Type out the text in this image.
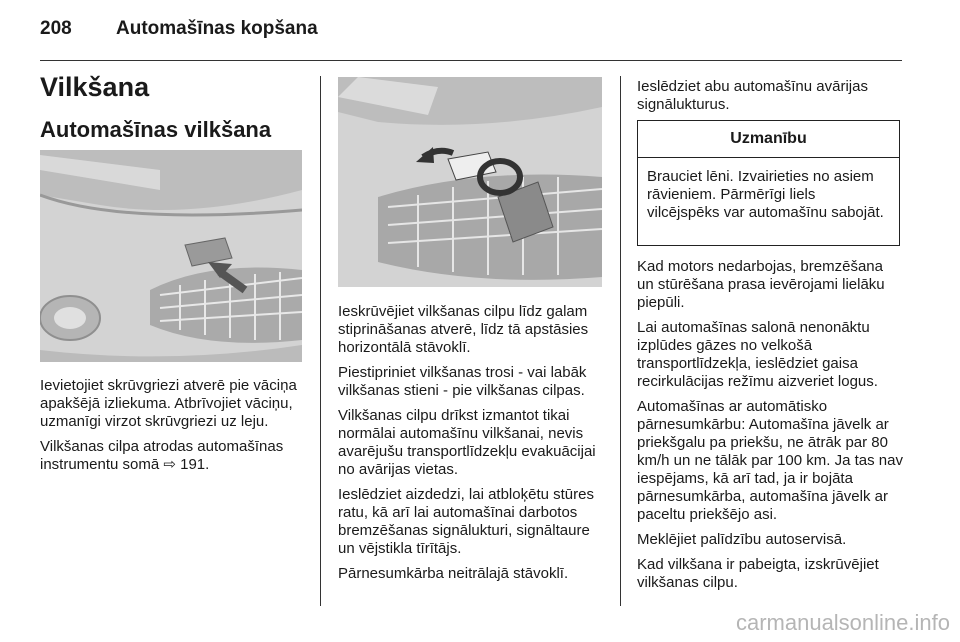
208 Automašīnas kopšana
Vilkšana
Automašīnas vilkšana

Ievietojiet skrūvgriezi atverē pie vāciņa apakšējā izliekuma. Atbrīvojiet vāciņu, uzmanīgi virzot skrūvgriezi uz leju.

Vilkšanas cilpa atrodas automašīnas instrumentu somā ⇨ 191.

Ieskrūvējiet vilkšanas cilpu līdz galam stiprināšanas atverē, līdz tā apstāsies horizontālā stāvoklī.

Piestipriniet vilkšanas trosi - vai labāk vilkšanas stieni - pie vilkšanas cilpas.

Vilkšanas cilpu drīkst izmantot tikai normālai automašīnu vilkšanai, nevis avarējušu transportlīdzekļu evakuācijai no avārijas vietas.

Ieslēdziet aizdedzi, lai atbloķētu stūres ratu, kā arī lai automašīnai darbotos bremzēšanas signālukturi, signāltaure un vējstikla tīrītājs.

Pārnesumkārba neitrālajā stāvoklī.

Ieslēdziet abu automašīnu avārijas signālukturus.

Uzmanību
Brauciet lēni. Izvairieties no asiem rāvieniem. Pārmērīgi liels vilcējspēks var automašīnu sabojāt.

Kad motors nedarbojas, bremzēšana un stūrēšana prasa ievērojami lielāku piepūli.

Lai automašīnas salonā nenonāktu izplūdes gāzes no velkošā transportlīdzekļa, ieslēdziet gaisa recirkulācijas režīmu aizveriet logus.

Automašīnas ar automātisko pārnesumkārbu: Automašīna jāvelk ar priekšgalu pa priekšu, ne ātrāk par 80 km/h un ne tālāk par 100 km. Ja tas nav iespējams, kā arī tad, ja ir bojāta pārnesumkārba, automašīna jāvelk ar paceltu priekšējo asi.

Meklējiet palīdzību autoservisā.

Kad vilkšana ir pabeigta, izskrūvējiet vilkšanas cilpu.

carmanualsonline.info
